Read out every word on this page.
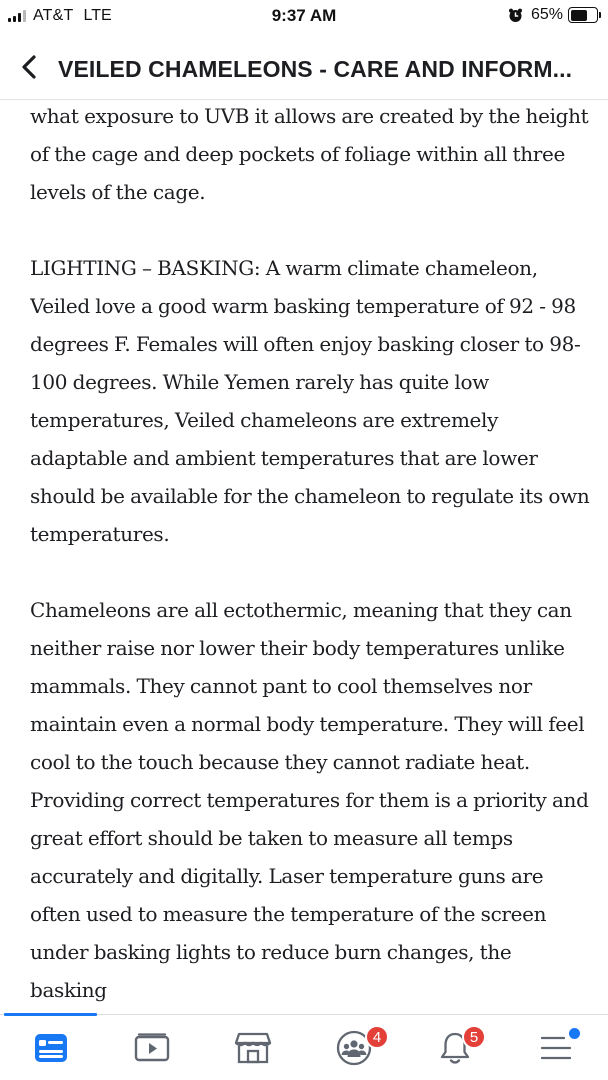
AT&T LTE	9:37 AM	65%
VEILED CHAMELEONS - CARE AND INFORM...

what exposure to UVB it allows are created by the height of the cage and deep pockets of foliage within all three levels of the cage.

LIGHTING – BASKING: A warm climate chameleon, Veiled love a good warm basking temperature of 92 - 98 degrees F. Females will often enjoy basking closer to 98-100 degrees. While Yemen rarely has quite low temperatures, Veiled chameleons are extremely adaptable and ambient temperatures that are lower should be available for the chameleon to regulate its own temperatures.

Chameleons are all ectothermic, meaning that they can neither raise nor lower their body temperatures unlike mammals. They cannot pant to cool themselves nor maintain even a normal body temperature. They will feel cool to the touch because they cannot radiate heat. Providing correct temperatures for them is a priority and great effort should be taken to measure all temps accurately and digitally. Laser temperature guns are often used to measure the temperature of the screen under basking lights to reduce burn changes, the basking

4	5
